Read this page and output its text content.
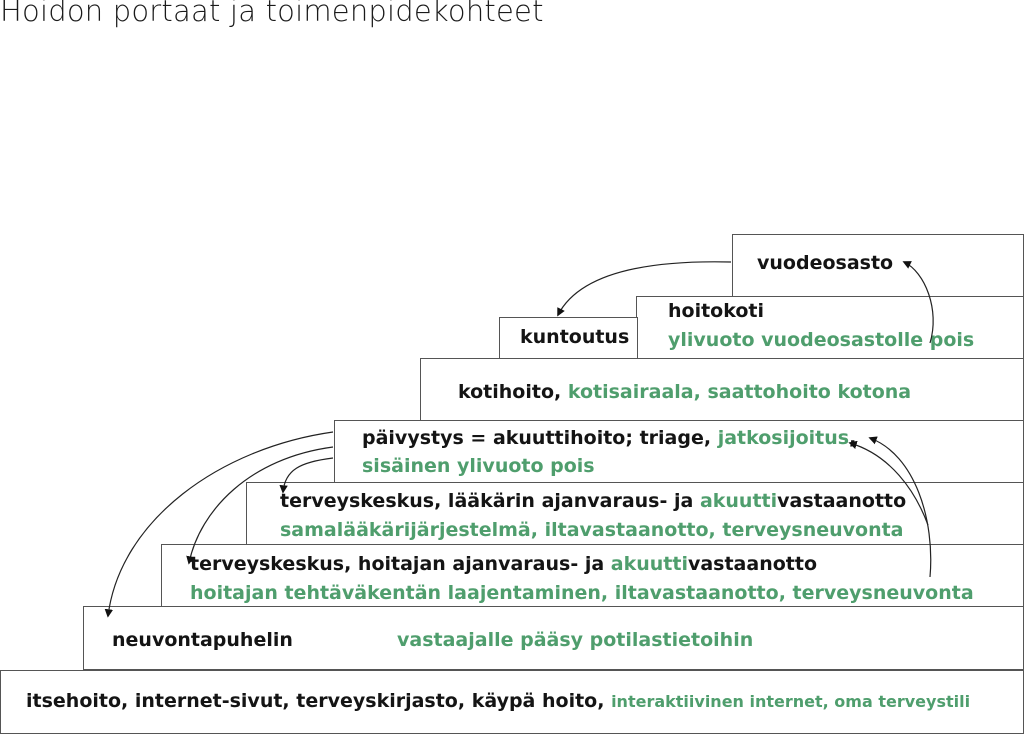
Hoidon portaat ja toimenpidekohteet
vuodeosasto
hoitokoti
ylivuoto vuodeosastolle pois
kuntoutus
kotihoito, kotisairaala, saattohoito kotona
päivystys = akuuttihoito; triage, jatkosijoitus,
sisäinen ylivuoto pois
terveyskeskus, lääkärin ajanvaraus- ja akuuttivastaanotto
samalääkärijärjestelmä, iltavastaanotto, terveysneuvonta
terveyskeskus, hoitajan ajanvaraus- ja akuuttivastaanotto
hoitajan tehtäväkentän laajentaminen, iltavastaanotto, terveysneuvonta
neuvontapuhelin	vastaajalle pääsy potilastietoihin
itsehoito, internet-sivut, terveyskirjasto, käypä hoito, interaktiivinen internet, oma terveystili
